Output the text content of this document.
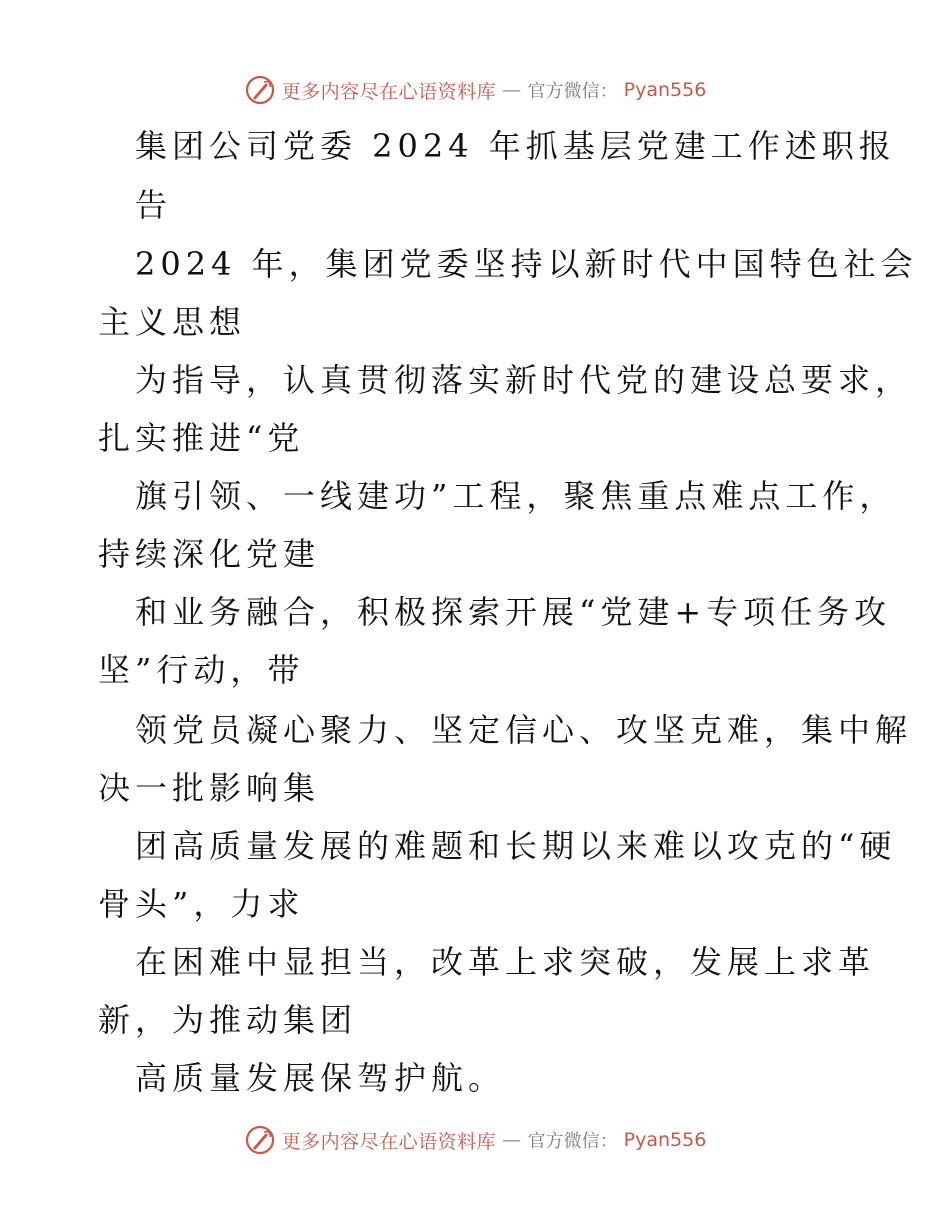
更多内容尽在心语资料库 — 官方微信： Pyan556
集团公司党委 2024 年抓基层党建工作述职报
告
2024 年，集团党委坚持以新时代中国特色社会
主义思想
为指导，认真贯彻落实新时代党的建设总要求，
扎实推进“党
旗引领、一线建功”工程，聚焦重点难点工作，
持续深化党建
和业务融合，积极探索开展“党建+专项任务攻
坚”行动，带
领党员凝心聚力、坚定信心、攻坚克难，集中解
决一批影响集
团高质量发展的难题和长期以来难以攻克的“硬
骨头”，力求
在困难中显担当，改革上求突破，发展上求革
新，为推动集团
高质量发展保驾护航。
更多内容尽在心语资料库 — 官方微信： Pyan556
